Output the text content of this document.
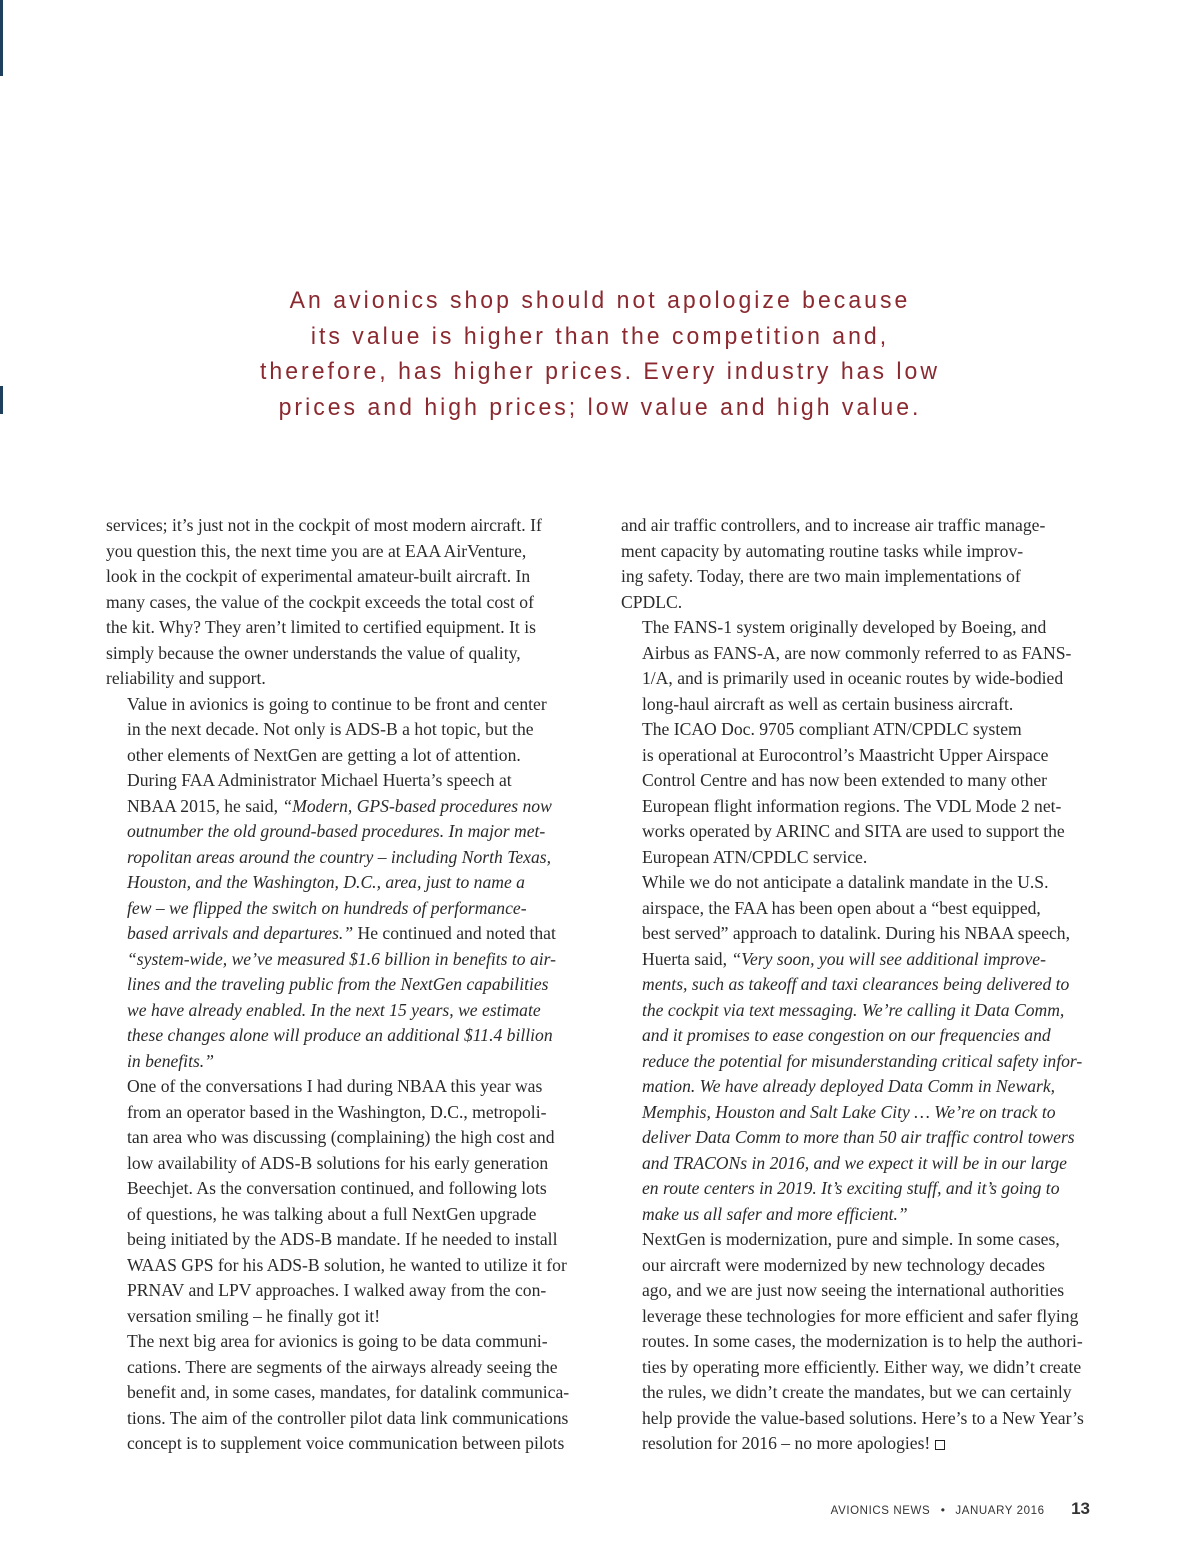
An avionics shop should not apologize because
its value is higher than the competition and,
therefore, has higher prices. Every industry has low
prices and high prices; low value and high value.

services; it’s just not in the cockpit of most modern aircraft. If
you question this, the next time you are at EAA AirVenture,
look in the cockpit of experimental amateur-built aircraft. In
many cases, the value of the cockpit exceeds the total cost of
the kit. Why? They aren’t limited to certified equipment. It is
simply because the owner understands the value of quality,
reliability and support.

Value in avionics is going to continue to be front and center
in the next decade. Not only is ADS-B a hot topic, but the
other elements of NextGen are getting a lot of attention.

During FAA Administrator Michael Huerta’s speech at
NBAA 2015, he said, “Modern, GPS-based procedures now
outnumber the old ground-based procedures. In major met-
ropolitan areas around the country – including North Texas,
Houston, and the Washington, D.C., area, just to name a
few – we flipped the switch on hundreds of performance-
based arrivals and departures.” He continued and noted that
“system-wide, we’ve measured $1.6 billion in benefits to air-
lines and the traveling public from the NextGen capabilities
we have already enabled. In the next 15 years, we estimate
these changes alone will produce an additional $11.4 billion
in benefits.”

One of the conversations I had during NBAA this year was
from an operator based in the Washington, D.C., metropoli-
tan area who was discussing (complaining) the high cost and
low availability of ADS-B solutions for his early generation
Beechjet. As the conversation continued, and following lots
of questions, he was talking about a full NextGen upgrade
being initiated by the ADS-B mandate. If he needed to install
WAAS GPS for his ADS-B solution, he wanted to utilize it for
PRNAV and LPV approaches. I walked away from the con-
versation smiling – he finally got it!

The next big area for avionics is going to be data communi-
cations. There are segments of the airways already seeing the
benefit and, in some cases, mandates, for datalink communica-
tions. The aim of the controller pilot data link communications
concept is to supplement voice communication between pilots

and air traffic controllers, and to increase air traffic manage-
ment capacity by automating routine tasks while improv-
ing safety. Today, there are two main implementations of
CPDLC.

The FANS-1 system originally developed by Boeing, and
Airbus as FANS-A, are now commonly referred to as FANS-
1/A, and is primarily used in oceanic routes by wide-bodied
long-haul aircraft as well as certain business aircraft.

The ICAO Doc. 9705 compliant ATN/CPDLC system
is operational at Eurocontrol’s Maastricht Upper Airspace
Control Centre and has now been extended to many other
European flight information regions. The VDL Mode 2 net-
works operated by ARINC and SITA are used to support the
European ATN/CPDLC service.

While we do not anticipate a datalink mandate in the U.S.
airspace, the FAA has been open about a “best equipped,
best served” approach to datalink. During his NBAA speech,
Huerta said, “Very soon, you will see additional improve-
ments, such as takeoff and taxi clearances being delivered to
the cockpit via text messaging. We’re calling it Data Comm,
and it promises to ease congestion on our frequencies and
reduce the potential for misunderstanding critical safety infor-
mation. We have already deployed Data Comm in Newark,
Memphis, Houston and Salt Lake City … We’re on track to
deliver Data Comm to more than 50 air traffic control towers
and TRACONs in 2016, and we expect it will be in our large
en route centers in 2019. It’s exciting stuff, and it’s going to
make us all safer and more efficient.”

NextGen is modernization, pure and simple. In some cases,
our aircraft were modernized by new technology decades
ago, and we are just now seeing the international authorities
leverage these technologies for more efficient and safer flying
routes. In some cases, the modernization is to help the authori-
ties by operating more efficiently. Either way, we didn’t create
the rules, we didn’t create the mandates, but we can certainly
help provide the value-based solutions. Here’s to a New Year’s
resolution for 2016 – no more apologies!

AVIONICS NEWS • JANUARY 2016 13
